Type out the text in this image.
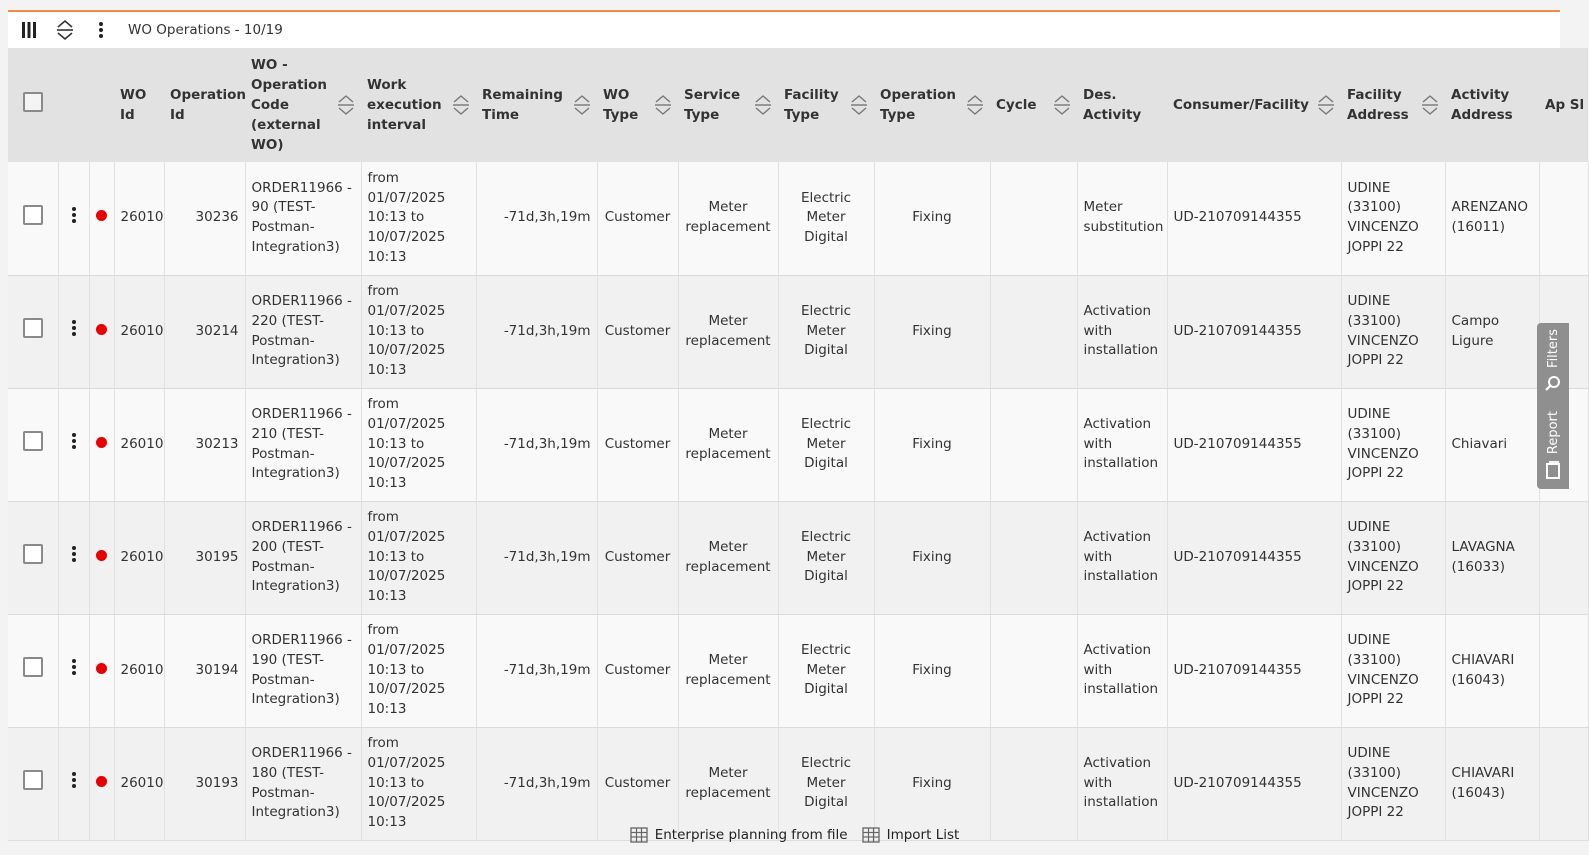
WO Operations - 10/19
			WO Id	Operation Id	WO - Operation Code (external WO)	Work execution interval	Remaining Time	WO Type	Service Type	Facility Type	Operation Type	Cycle	Des. Activity	Consumer/Facility	Facility Address	Activity Address	Ap Sl
			26010	30236	ORDER11966 - 90 (TEST-Postman-Integration3)	from 01/07/2025 10:13 to 10/07/2025 10:13	-71d,3h,19m	Customer	Meter replacement	Electric Meter Digital	Fixing		Meter substitution	UD-210709144355	UDINE (33100) VINCENZO JOPPI 22	ARENZANO (16011)	
			26010	30214	ORDER11966 - 220 (TEST-Postman-Integration3)	from 01/07/2025 10:13 to 10/07/2025 10:13	-71d,3h,19m	Customer	Meter replacement	Electric Meter Digital	Fixing		Activation with installation	UD-210709144355	UDINE (33100) VINCENZO JOPPI 22	Campo Ligure	
			26010	30213	ORDER11966 - 210 (TEST-Postman-Integration3)	from 01/07/2025 10:13 to 10/07/2025 10:13	-71d,3h,19m	Customer	Meter replacement	Electric Meter Digital	Fixing		Activation with installation	UD-210709144355	UDINE (33100) VINCENZO JOPPI 22	Chiavari	
			26010	30195	ORDER11966 - 200 (TEST-Postman-Integration3)	from 01/07/2025 10:13 to 10/07/2025 10:13	-71d,3h,19m	Customer	Meter replacement	Electric Meter Digital	Fixing		Activation with installation	UD-210709144355	UDINE (33100) VINCENZO JOPPI 22	LAVAGNA (16033)	
			26010	30194	ORDER11966 - 190 (TEST-Postman-Integration3)	from 01/07/2025 10:13 to 10/07/2025 10:13	-71d,3h,19m	Customer	Meter replacement	Electric Meter Digital	Fixing		Activation with installation	UD-210709144355	UDINE (33100) VINCENZO JOPPI 22	CHIAVARI (16043)	
			26010	30193	ORDER11966 - 180 (TEST-Postman-Integration3)	from 01/07/2025 10:13 to 10/07/2025 10:13	-71d,3h,19m	Customer	Meter replacement	Electric Meter Digital	Fixing		Activation with installation	UD-210709144355	UDINE (33100) VINCENZO JOPPI 22	CHIAVARI (16043)	
Filters
Report
Enterprise planning from file	Import List
